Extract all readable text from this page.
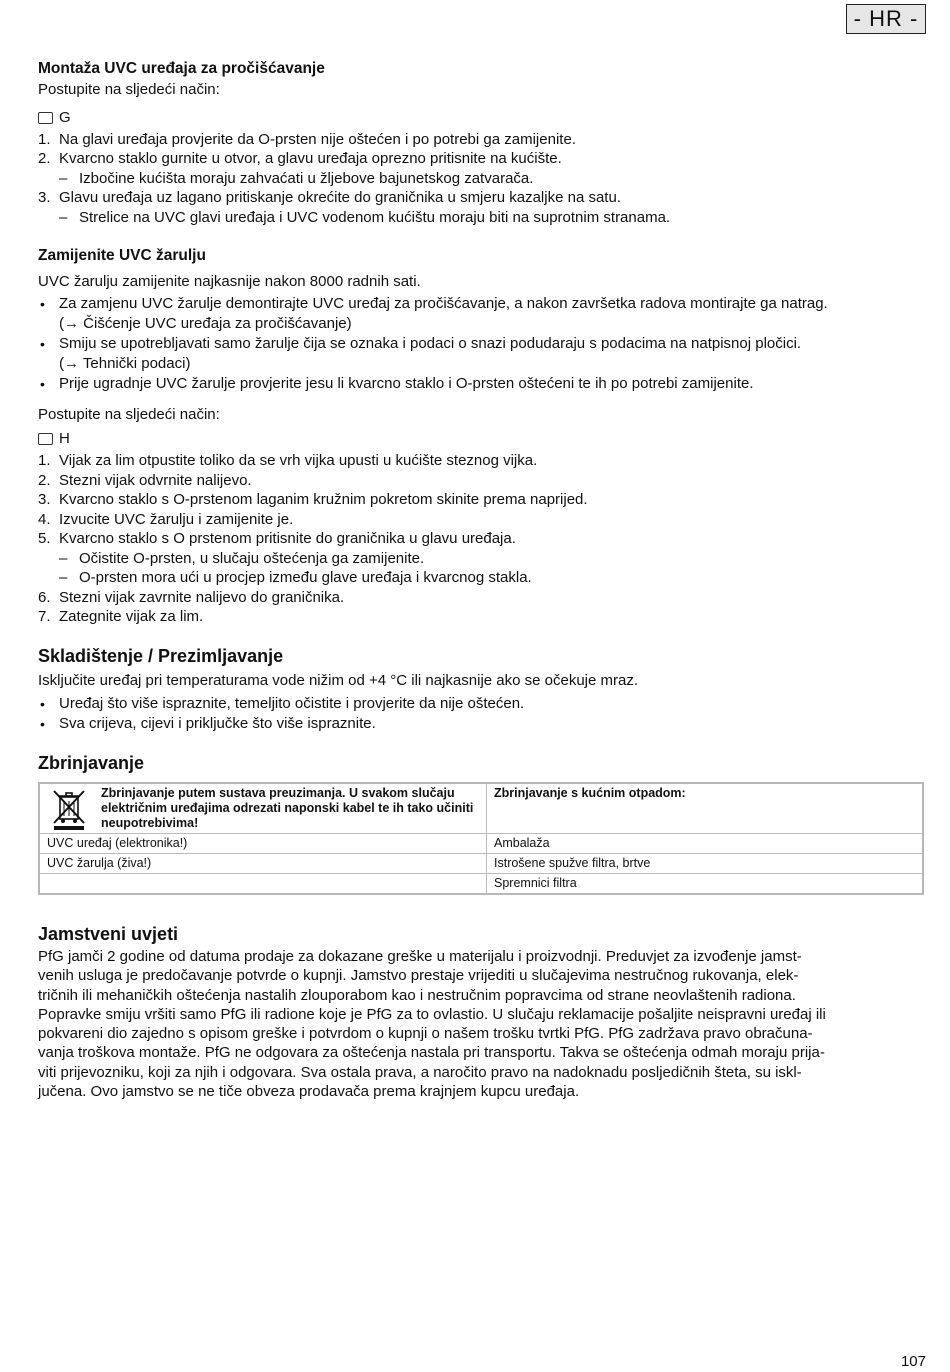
- HR -
Montaža UVC uređaja za pročišćavanje

Postupite na sljedeći način:

G
1. Na glavi uređaja provjerite da O-prsten nije oštećen i po potrebi ga zamijenite.
2. Kvarcno staklo gurnite u otvor, a glavu uređaja oprezno pritisnite na kućište.
– Izbočine kućišta moraju zahvaćati u žljebove bajunetskog zatvarača.
3. Glavu uređaja uz lagano pritiskanje okrećite do graničnika u smjeru kazaljke na satu.
– Strelice na UVC glavi uređaja i UVC vodenom kućištu moraju biti na suprotnim stranama.
Zamijenite UVC žarulju

UVC žarulju zamijenite najkasnije nakon 8000 radnih sati.

• Za zamjenu UVC žarulje demontirajte UVC uređaj za pročišćavanje, a nakon završetka radova montirajte ga natrag.
(→ Čišćenje UVC uređaja za pročišćavanje)
• Smiju se upotrebljavati samo žarulje čija se oznaka i podaci o snazi podudaraju s podacima na natpisnoj pločici.
(→ Tehnički podaci)
• Prije ugradnje UVC žarulje provjerite jesu li kvarcno staklo i O-prsten oštećeni te ih po potrebi zamijenite.

Postupite na sljedeći način:

H
1. Vijak za lim otpustite toliko da se vrh vijka upusti u kućište steznog vijka.
2. Stezni vijak odvrnite nalijevo.
3. Kvarcno staklo s O-prstenom laganim kružnim pokretom skinite prema naprijed.
4. Izvucite UVC žarulju i zamijenite je.
5. Kvarcno staklo s O prstenom pritisnite do graničnika u glavu uređaja.
– Očistite O-prsten, u slučaju oštećenja ga zamijenite.
– O-prsten mora ući u procjep između glave uređaja i kvarcnog stakla.
6. Stezni vijak zavrnite nalijevo do graničnika.
7. Zategnite vijak za lim.
Skladištenje / Prezimljavanje

Isključite uređaj pri temperaturama vode nižim od +4 °C ili najkasnije ako se očekuje mraz.

• Uređaj što više ispraznite, temeljito očistite i provjerite da nije oštećen.
• Sva crijeva, cijevi i priključke što više ispraznite.
Zbrinjavanje
Zbrinjavanje putem sustava preuzimanja. U svakom slučaju električnim uređajima odrezati naponski kabel te ih tako učiniti neupotrebivima!	Zbrinjavanje s kućnim otpadom:
UVC uređaj (elektronika!)	Ambalaža
UVC žarulja (živa!)	Istrošene spužve filtra, brtve
	Spremnici filtra
Jamstveni uvjeti
PfG jamči 2 godine od datuma prodaje za dokazane greške u materijalu i proizvodnji. Preduvjet za izvođenje jamst-
venih usluga je predočavanje potvrde o kupnji. Jamstvo prestaje vrijediti u slučajevima nestručnog rukovanja, elek-
tričnih ili mehaničkih oštećenja nastalih zlouporabom kao i nestručnim popravcima od strane neovlaštenih radiona.
Popravke smiju vršiti samo PfG ili radione koje je PfG za to ovlastio. U slučaju reklamacije pošaljite neispravni uređaj ili
pokvareni dio zajedno s opisom greške i potvrdom o kupnji o našem trošku tvrtki PfG. PfG zadržava pravo obračuna-
vanja troškova montaže. PfG ne odgovara za oštećenja nastala pri transportu. Takva se oštećenja odmah moraju prija-
viti prijevozniku, koji za njih i odgovara. Sva ostala prava, a naročito pravo na nadoknadu posljedičnih šteta, su iskl-
jučena. Ovo jamstvo se ne tiče obveza prodavača prema krajnjem kupcu uređaja.
107
